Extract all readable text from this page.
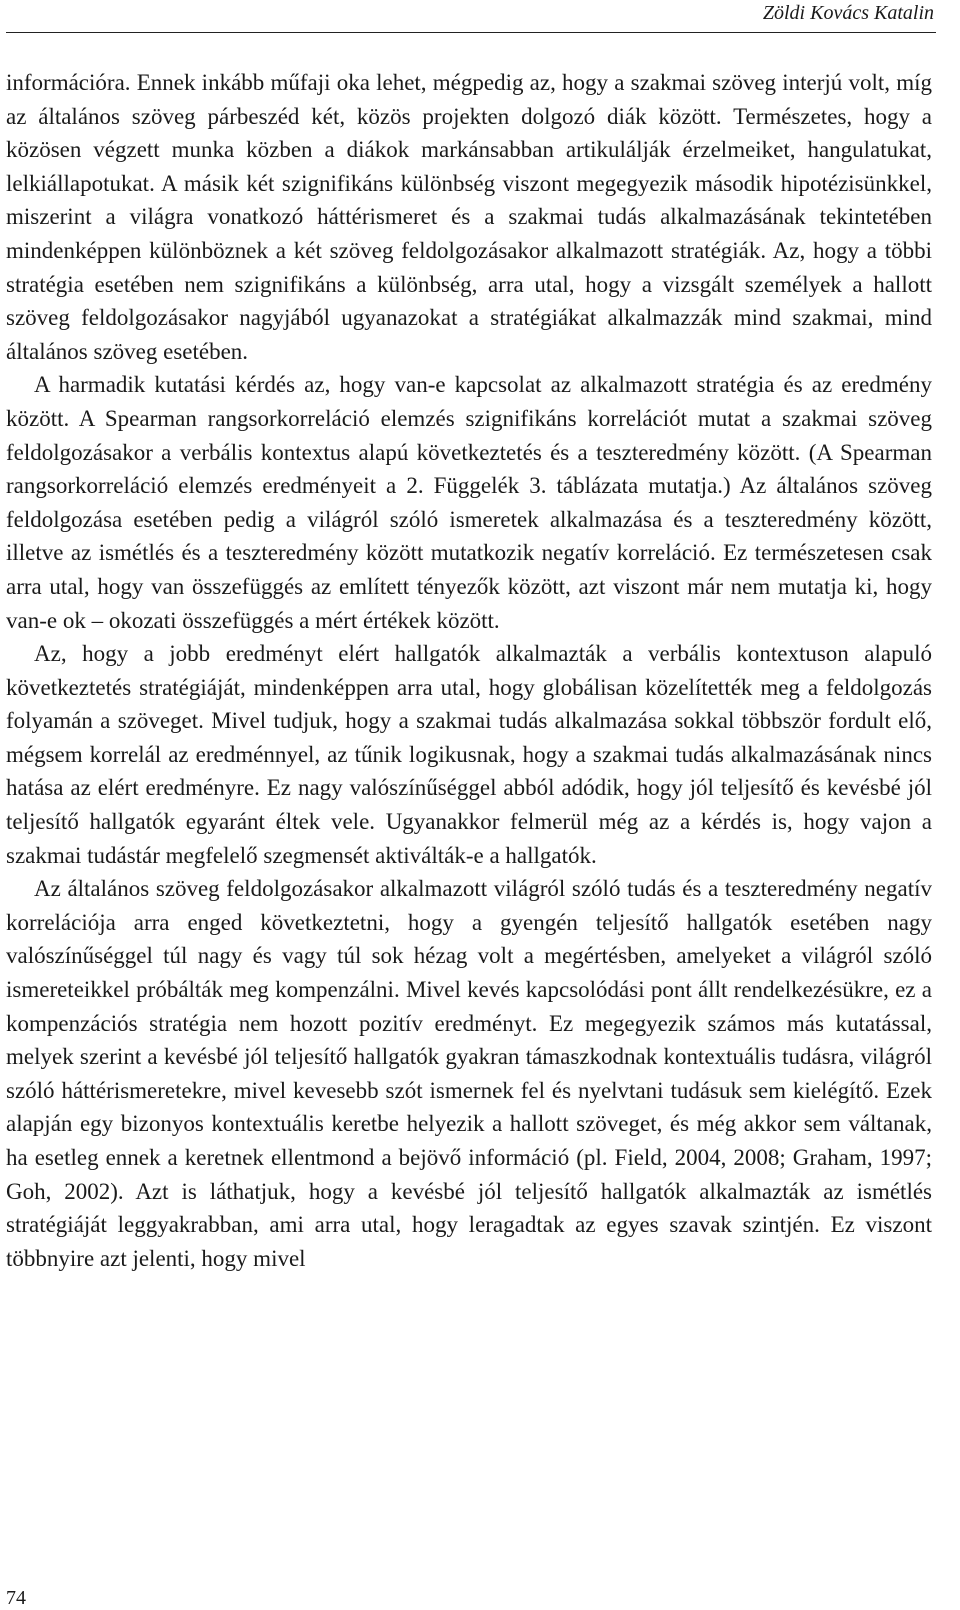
Zöldi Kovács Katalin

információra. Ennek inkább műfaji oka lehet, mégpedig az, hogy a szakmai szöveg interjú volt, míg az általános szöveg párbeszéd két, közös projekten dolgozó diák között. Természetes, hogy a közösen végzett munka közben a diákok markánsabban artikulálják érzelmeiket, hangulatukat, lelkiállapotukat. A másik két szignifikáns különbség viszont megegyezik második hipotézisünkkel, miszerint a világra vonatkozó háttérismeret és a szakmai tudás alkalmazásának tekintetében mindenképpen különböznek a két szöveg feldolgozásakor alkalmazott stratégiák. Az, hogy a többi stratégia esetében nem szignifikáns a különbség, arra utal, hogy a vizsgált személyek a hallott szöveg feldolgozásakor nagyjából ugyanazokat a stratégiákat alkalmazzák mind szakmai, mind általános szöveg esetében.

A harmadik kutatási kérdés az, hogy van-e kapcsolat az alkalmazott stratégia és az eredmény között. A Spearman rangsorkorreláció elemzés szignifikáns korrelációt mutat a szakmai szöveg feldolgozásakor a verbális kontextus alapú következtetés és a teszteredmény között. (A Spearman rangsorkorreláció elemzés eredményeit a 2. Függelék 3. táblázata mutatja.) Az általános szöveg feldolgozása esetében pedig a világról szóló ismeretek alkalmazása és a teszteredmény között, illetve az ismétlés és a teszteredmény között mutatkozik negatív korreláció. Ez természetesen csak arra utal, hogy van összefüggés az említett tényezők között, azt viszont már nem mutatja ki, hogy van-e ok – okozati összefüggés a mért értékek között.

Az, hogy a jobb eredményt elért hallgatók alkalmazták a verbális kontextuson alapuló következtetés stratégiáját, mindenképpen arra utal, hogy globálisan közelítették meg a feldolgozás folyamán a szöveget. Mivel tudjuk, hogy a szakmai tudás alkalmazása sokkal többször fordult elő, mégsem korrelál az eredménnyel, az tűnik logikusnak, hogy a szakmai tudás alkalmazásának nincs hatása az elért eredményre. Ez nagy valószínűséggel abból adódik, hogy jól teljesítő és kevésbé jól teljesítő hallgatók egyaránt éltek vele. Ugyanakkor felmerül még az a kérdés is, hogy vajon a szakmai tudástár megfelelő szegmensét aktiválták-e a hallgatók.

Az általános szöveg feldolgozásakor alkalmazott világról szóló tudás és a teszteredmény negatív korrelációja arra enged következtetni, hogy a gyengén teljesítő hallgatók esetében nagy valószínűséggel túl nagy és vagy túl sok hézag volt a megértésben, amelyeket a világról szóló ismereteikkel próbálták meg kompenzálni. Mivel kevés kapcsolódási pont állt rendelkezésükre, ez a kompenzációs stratégia nem hozott pozitív eredményt. Ez megegyezik számos más kutatással, melyek szerint a kevésbé jól teljesítő hallgatók gyakran támaszkodnak kontextuális tudásra, világról szóló háttérismeretekre, mivel kevesebb szót ismernek fel és nyelvtani tudásuk sem kielégítő. Ezek alapján egy bizonyos kontextuális keretbe helyezik a hallott szöveget, és még akkor sem váltanak, ha esetleg ennek a keretnek ellentmond a bejövő információ (pl. Field, 2004, 2008; Graham, 1997; Goh, 2002). Azt is láthatjuk, hogy a kevésbé jól teljesítő hallgatók alkalmazták az ismétlés stratégiáját leggyakrabban, ami arra utal, hogy leragadtak az egyes szavak szintjén. Ez viszont többnyire azt jelenti, hogy mivel

74
